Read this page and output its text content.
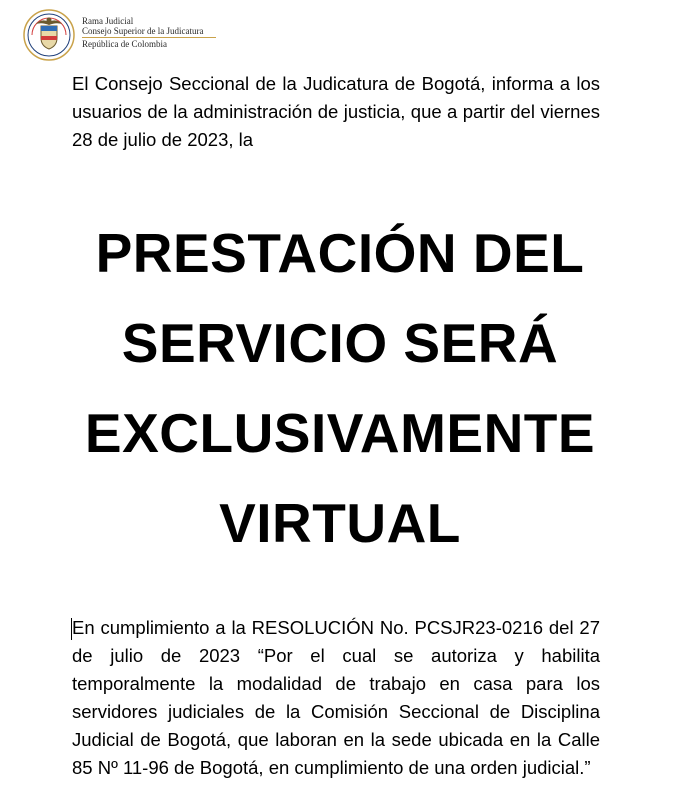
Rama Judicial
Consejo Superior de la Judicatura
República de Colombia

El Consejo Seccional de la Judicatura de Bogotá, informa a los usuarios de la administración de justicia, que a partir del viernes 28 de julio de 2023, la

PRESTACIÓN DEL
SERVICIO SERÁ
EXCLUSIVAMENTE
VIRTUAL

En cumplimiento a la RESOLUCIÓN No. PCSJR23-0216 del 27 de julio de 2023 “Por el cual se autoriza y habilita temporalmente la modalidad de trabajo en casa para los servidores judiciales de la Comisión Seccional de Disciplina Judicial de Bogotá, que laboran en la sede ubicada en la Calle 85 Nº 11-96 de Bogotá, en cumplimiento de una orden judicial.”
